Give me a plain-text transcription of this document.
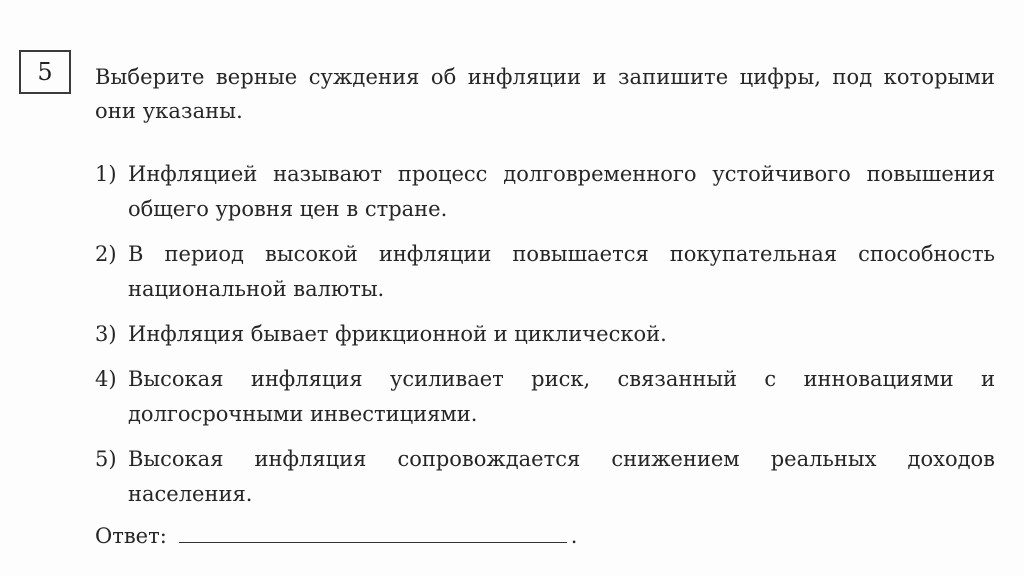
5 Выберите верные суждения об инфляции и запишите цифры, под которыми они указаны.
1) Инфляцией называют процесс долговременного устойчивого повышения общего уровня цен в стране.
2) В период высокой инфляции повышается покупательная способность национальной валюты.
3) Инфляция бывает фрикционной и циклической.
4) Высокая инфляция усиливает риск, связанный с инновациями и долгосрочными инвестициями.
5) Высокая инфляция сопровождается снижением реальных доходов населения.
Ответ:	.
